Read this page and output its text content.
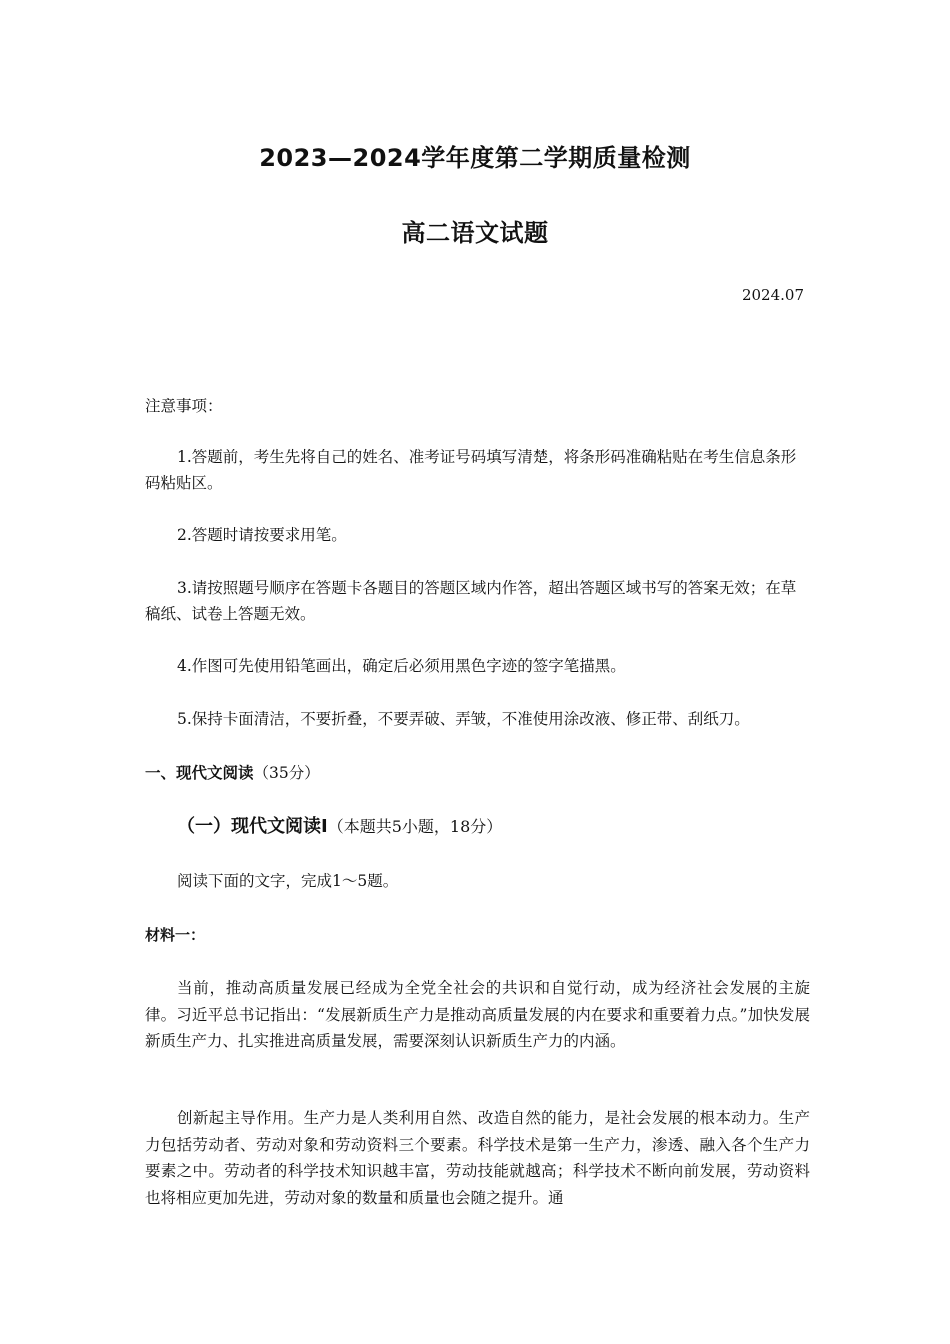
2023—2024学年度第二学期质量检测
高二语文试题
2024.07
注意事项：
1.答题前，考生先将自己的姓名、准考证号码填写清楚，将条形码准确粘贴在考生信息条形码粘贴区。
2.答题时请按要求用笔。
3.请按照题号顺序在答题卡各题目的答题区域内作答，超出答题区域书写的答案无效；在草稿纸、试卷上答题无效。
4.作图可先使用铅笔画出，确定后必须用黑色字迹的签字笔描黑。
5.保持卡面清洁，不要折叠，不要弄破、弄皱，不准使用涂改液、修正带、刮纸刀。
一、现代文阅读（35分）
（一）现代文阅读Ⅰ（本题共5小题，18分）
阅读下面的文字，完成1～5题。
材料一：
当前，推动高质量发展已经成为全党全社会的共识和自觉行动，成为经济社会发展的主旋律。习近平总书记指出：“发展新质生产力是推动高质量发展的内在要求和重要着力点。”加快发展新质生产力、扎实推进高质量发展，需要深刻认识新质生产力的内涵。
创新起主导作用。生产力是人类利用自然、改造自然的能力，是社会发展的根本动力。生产力包括劳动者、劳动对象和劳动资料三个要素。科学技术是第一生产力，渗透、融入各个生产力要素之中。劳动者的科学技术知识越丰富，劳动技能就越高；科学技术不断向前发展，劳动资料也将相应更加先进，劳动对象的数量和质量也会随之提升。通
